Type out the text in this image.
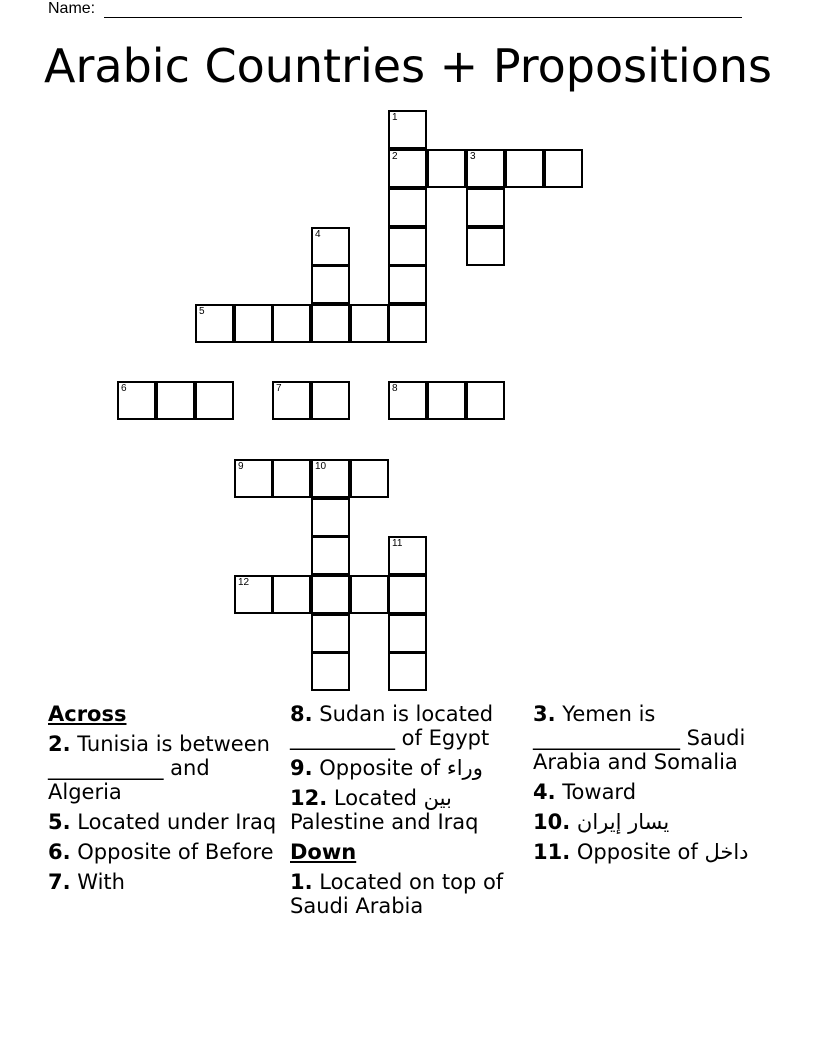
Name:
Arabic Countries + Propositions
1
2	3
4
5
6	7	8
9	10
11
12
Across
2. Tunisia is between ___________ and Algeria
5. Located under Iraq
6. Opposite of Before
7. With
8. Sudan is located __________ of Egypt
9. Opposite of وراء
12. Located بين Palestine and Iraq
Down
1. Located on top of Saudi Arabia
3. Yemen is ______________ Saudi Arabia and Somalia
4. Toward
10. يسار إيران
11. Opposite of داخل
